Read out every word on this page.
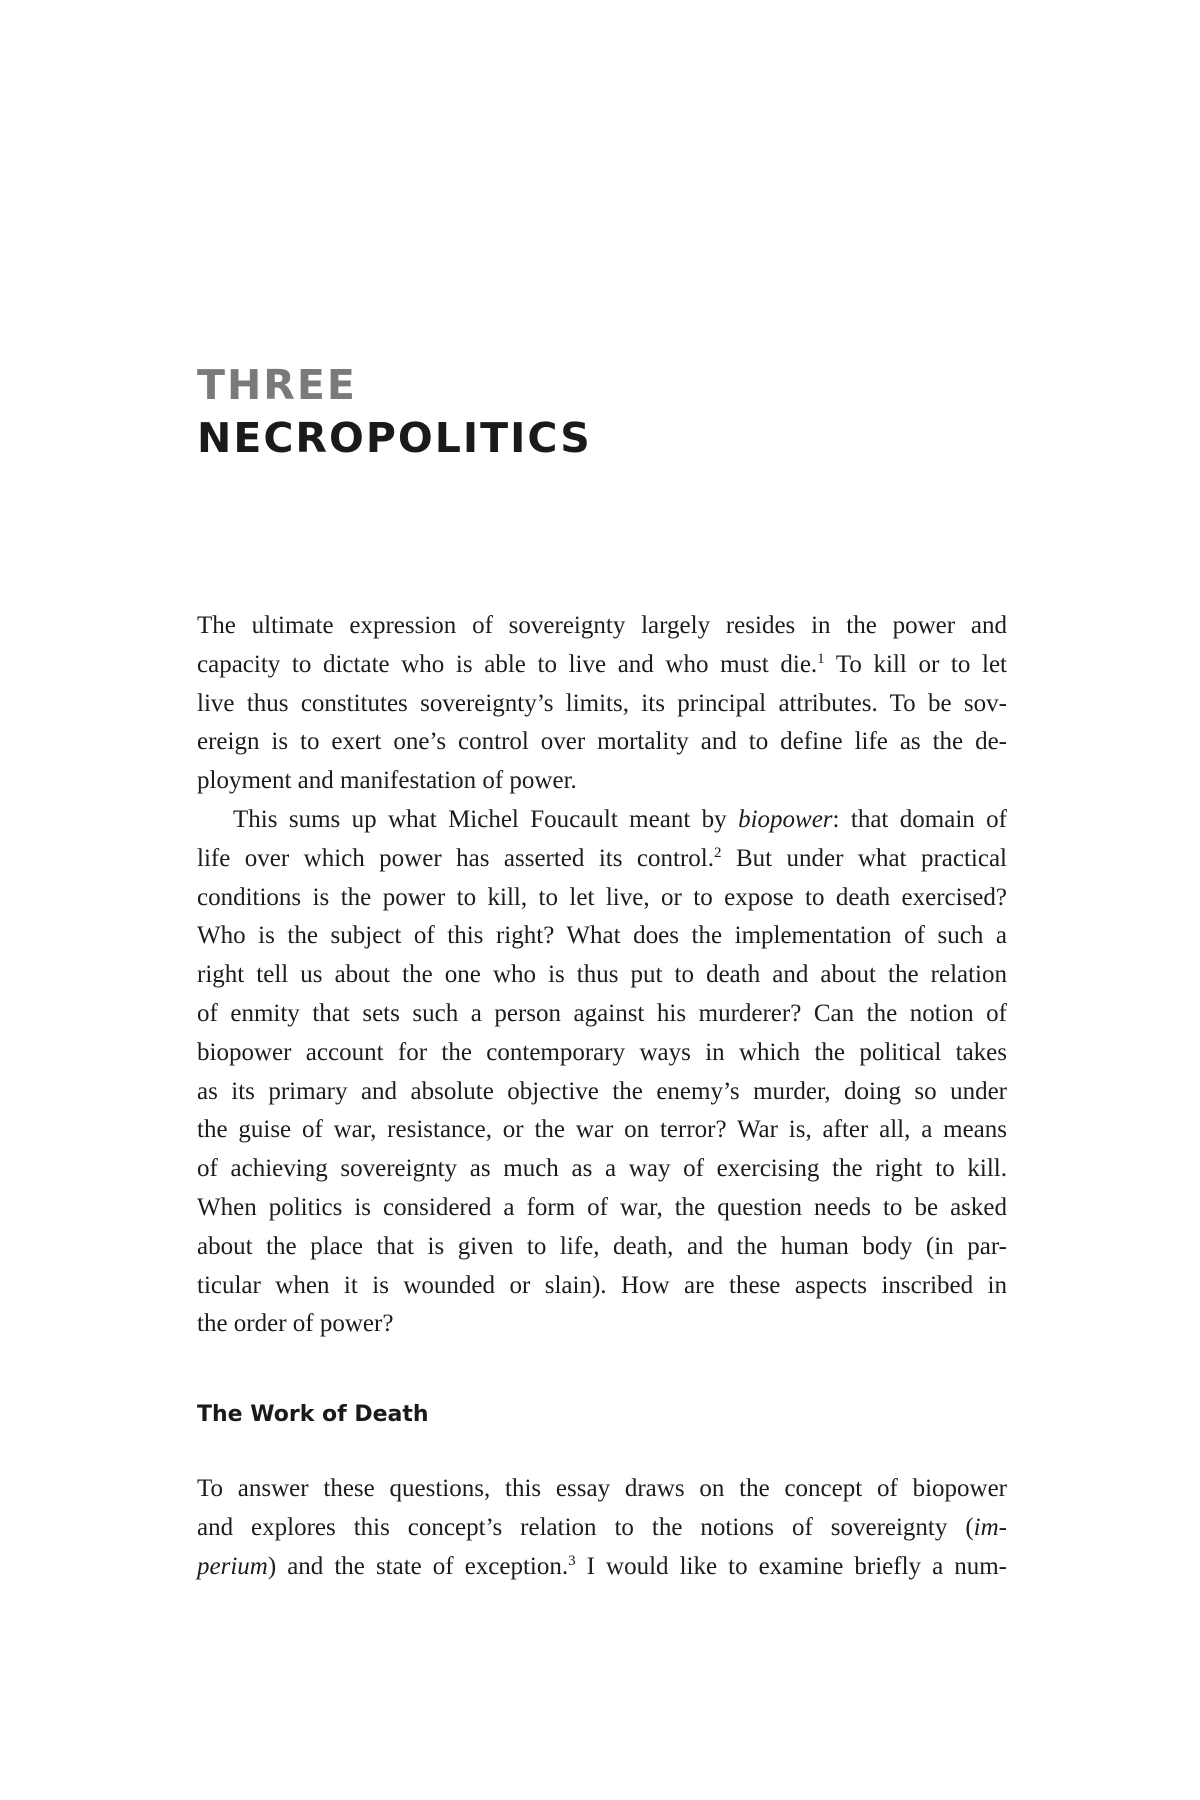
THREE
NECROPOLITICS
The ultimate expression of sovereignty largely resides in the power and
capacity to dictate who is able to live and who must die.$^1$ To kill or to let
live thus constitutes sovereignty’s limits, its principal attributes. To be sov-
ereign is to exert one’s control over mortality and to define life as the de-
ployment and manifestation of power.
This sums up what Michel Foucault meant by biopower: that domain of
life over which power has asserted its control.$^2$ But under what practical
conditions is the power to kill, to let live, or to expose to death exercised?
Who is the subject of this right? What does the implementation of such a
right tell us about the one who is thus put to death and about the relation
of enmity that sets such a person against his murderer? Can the notion of
biopower account for the contemporary ways in which the political takes
as its primary and absolute objective the enemy’s murder, doing so under
the guise of war, resistance, or the war on terror? War is, after all, a means
of achieving sovereignty as much as a way of exercising the right to kill.
When politics is considered a form of war, the question needs to be asked
about the place that is given to life, death, and the human body (in par-
ticular when it is wounded or slain). How are these aspects inscribed in
the order of power?
The Work of Death
To answer these questions, this essay draws on the concept of biopower
and explores this concept’s relation to the notions of sovereignty (im-
perium) and the state of exception.$^3$ I would like to examine briefly a num-
